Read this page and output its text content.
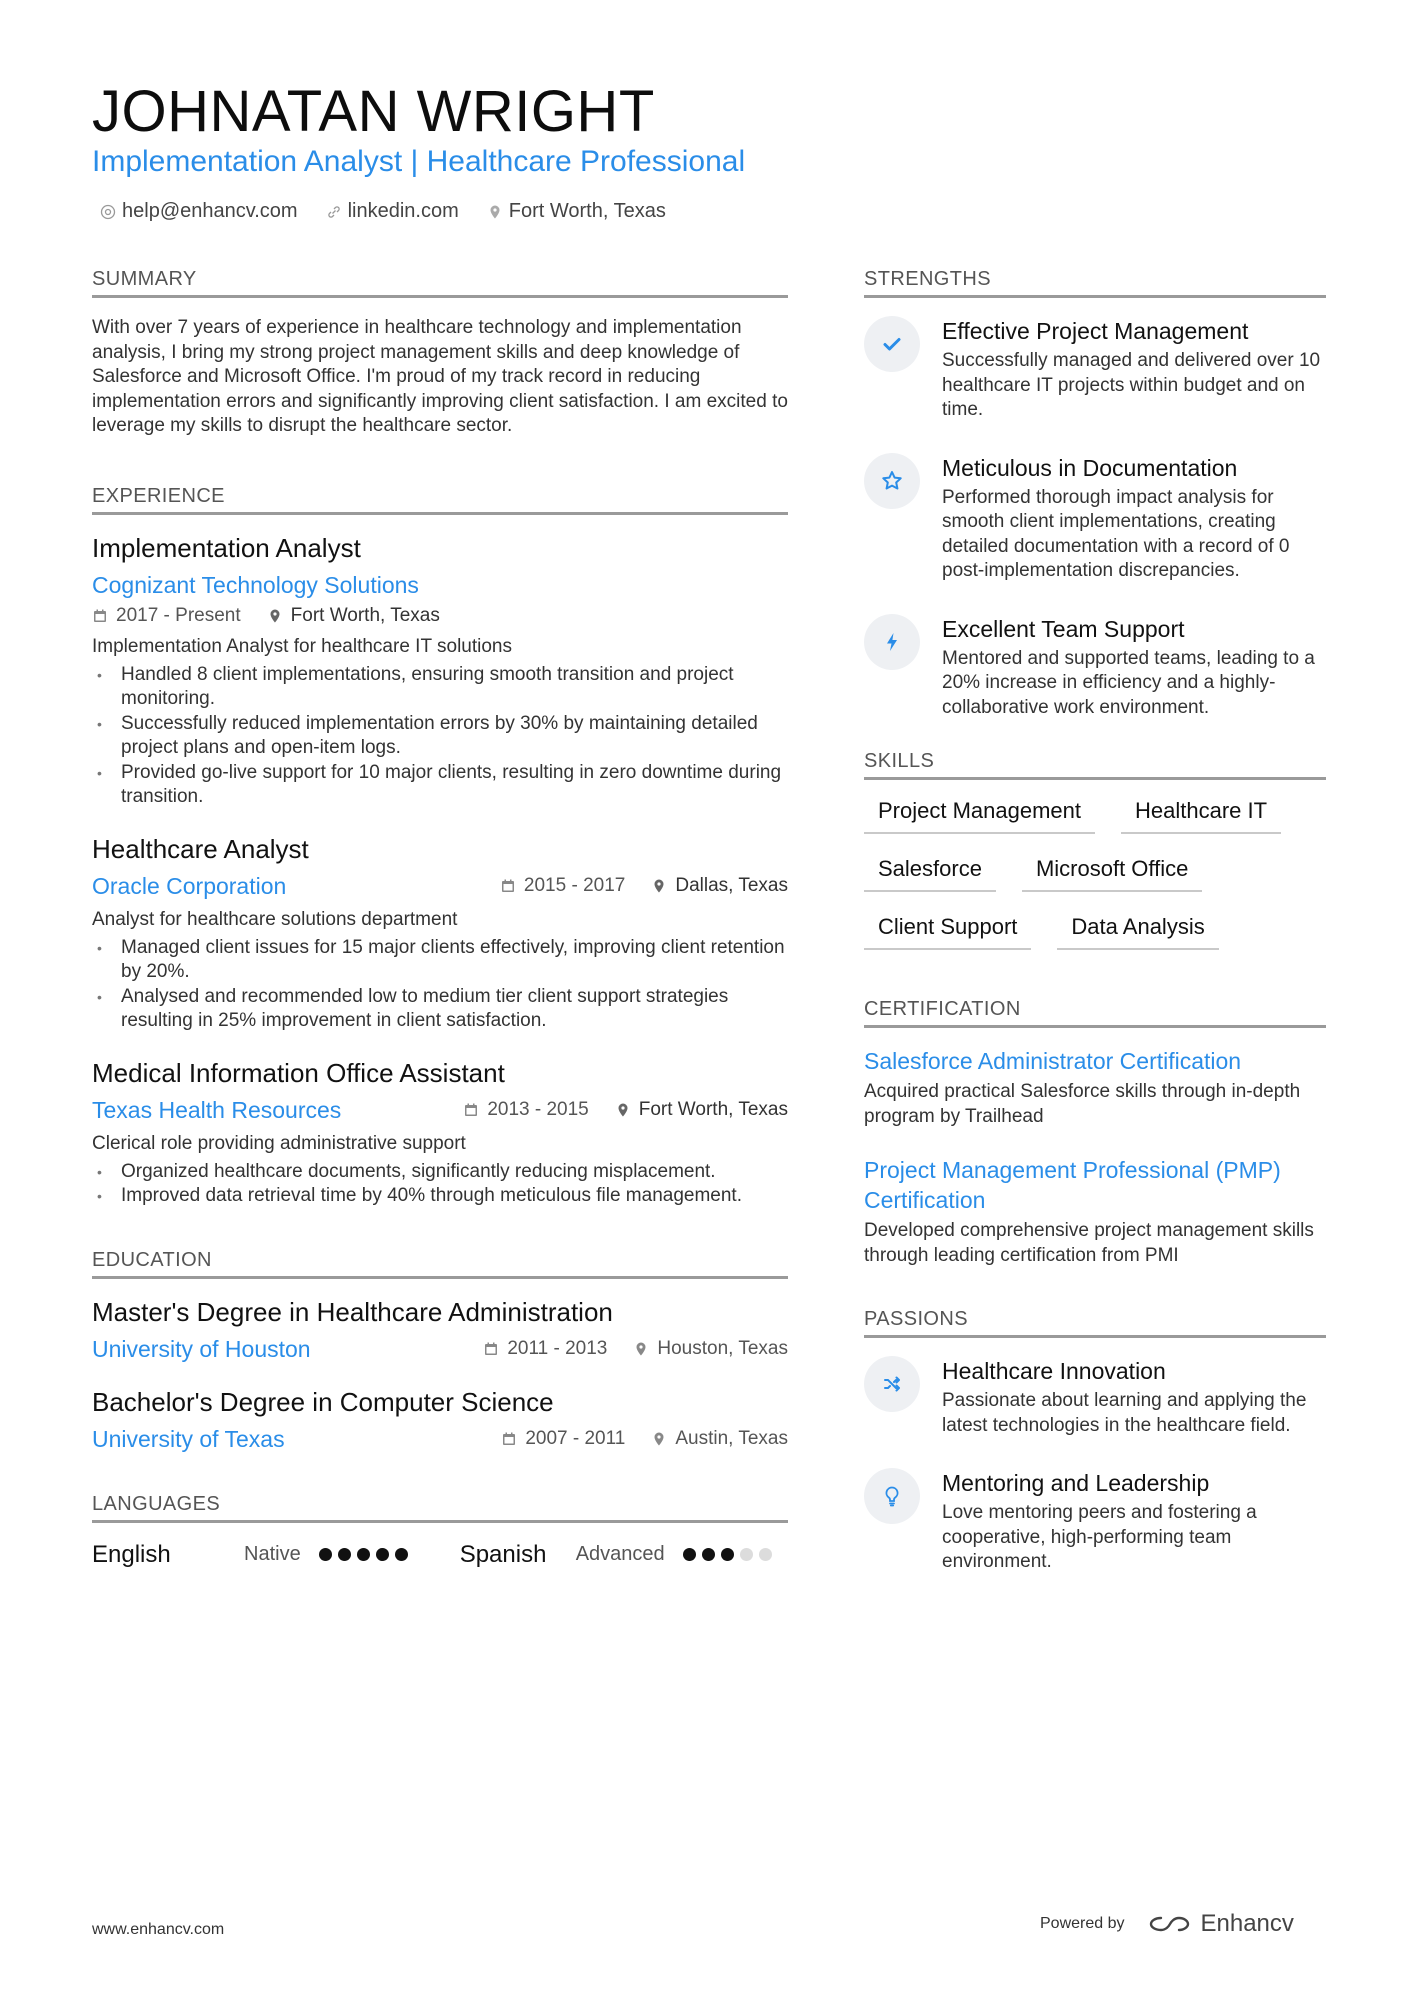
JOHNATAN WRIGHT
Implementation Analyst | Healthcare Professional
help@enhancv.com	linkedin.com	Fort Worth, Texas
SUMMARY
With over 7 years of experience in healthcare technology and implementation analysis, I bring my strong project management skills and deep knowledge of Salesforce and Microsoft Office. I'm proud of my track record in reducing implementation errors and significantly improving client satisfaction. I am excited to leverage my skills to disrupt the healthcare sector.
EXPERIENCE
Implementation Analyst
Cognizant Technology Solutions
2017 - Present	Fort Worth, Texas
Implementation Analyst for healthcare IT solutions
• Handled 8 client implementations, ensuring smooth transition and project monitoring.
• Successfully reduced implementation errors by 30% by maintaining detailed project plans and open-item logs.
• Provided go-live support for 10 major clients, resulting in zero downtime during transition.
Healthcare Analyst
Oracle Corporation	2015 - 2017	Dallas, Texas
Analyst for healthcare solutions department
• Managed client issues for 15 major clients effectively, improving client retention by 20%.
• Analysed and recommended low to medium tier client support strategies resulting in 25% improvement in client satisfaction.
Medical Information Office Assistant
Texas Health Resources	2013 - 2015	Fort Worth, Texas
Clerical role providing administrative support
• Organized healthcare documents, significantly reducing misplacement.
• Improved data retrieval time by 40% through meticulous file management.
EDUCATION
Master's Degree in Healthcare Administration
University of Houston	2011 - 2013	Houston, Texas
Bachelor's Degree in Computer Science
University of Texas	2007 - 2011	Austin, Texas
LANGUAGES
English	Native	Spanish	Advanced
STRENGTHS
Effective Project Management
Successfully managed and delivered over 10 healthcare IT projects within budget and on time.
Meticulous in Documentation
Performed thorough impact analysis for smooth client implementations, creating detailed documentation with a record of 0 post-implementation discrepancies.
Excellent Team Support
Mentored and supported teams, leading to a 20% increase in efficiency and a highly-collaborative work environment.
SKILLS
Project Management	Healthcare IT
Salesforce	Microsoft Office
Client Support	Data Analysis
CERTIFICATION
Salesforce Administrator Certification
Acquired practical Salesforce skills through in-depth program by Trailhead
Project Management Professional (PMP) Certification
Developed comprehensive project management skills through leading certification from PMI
PASSIONS
Healthcare Innovation
Passionate about learning and applying the latest technologies in the healthcare field.
Mentoring and Leadership
Love mentoring peers and fostering a cooperative, high-performing team environment.
www.enhancv.com	Powered by	Enhancv
